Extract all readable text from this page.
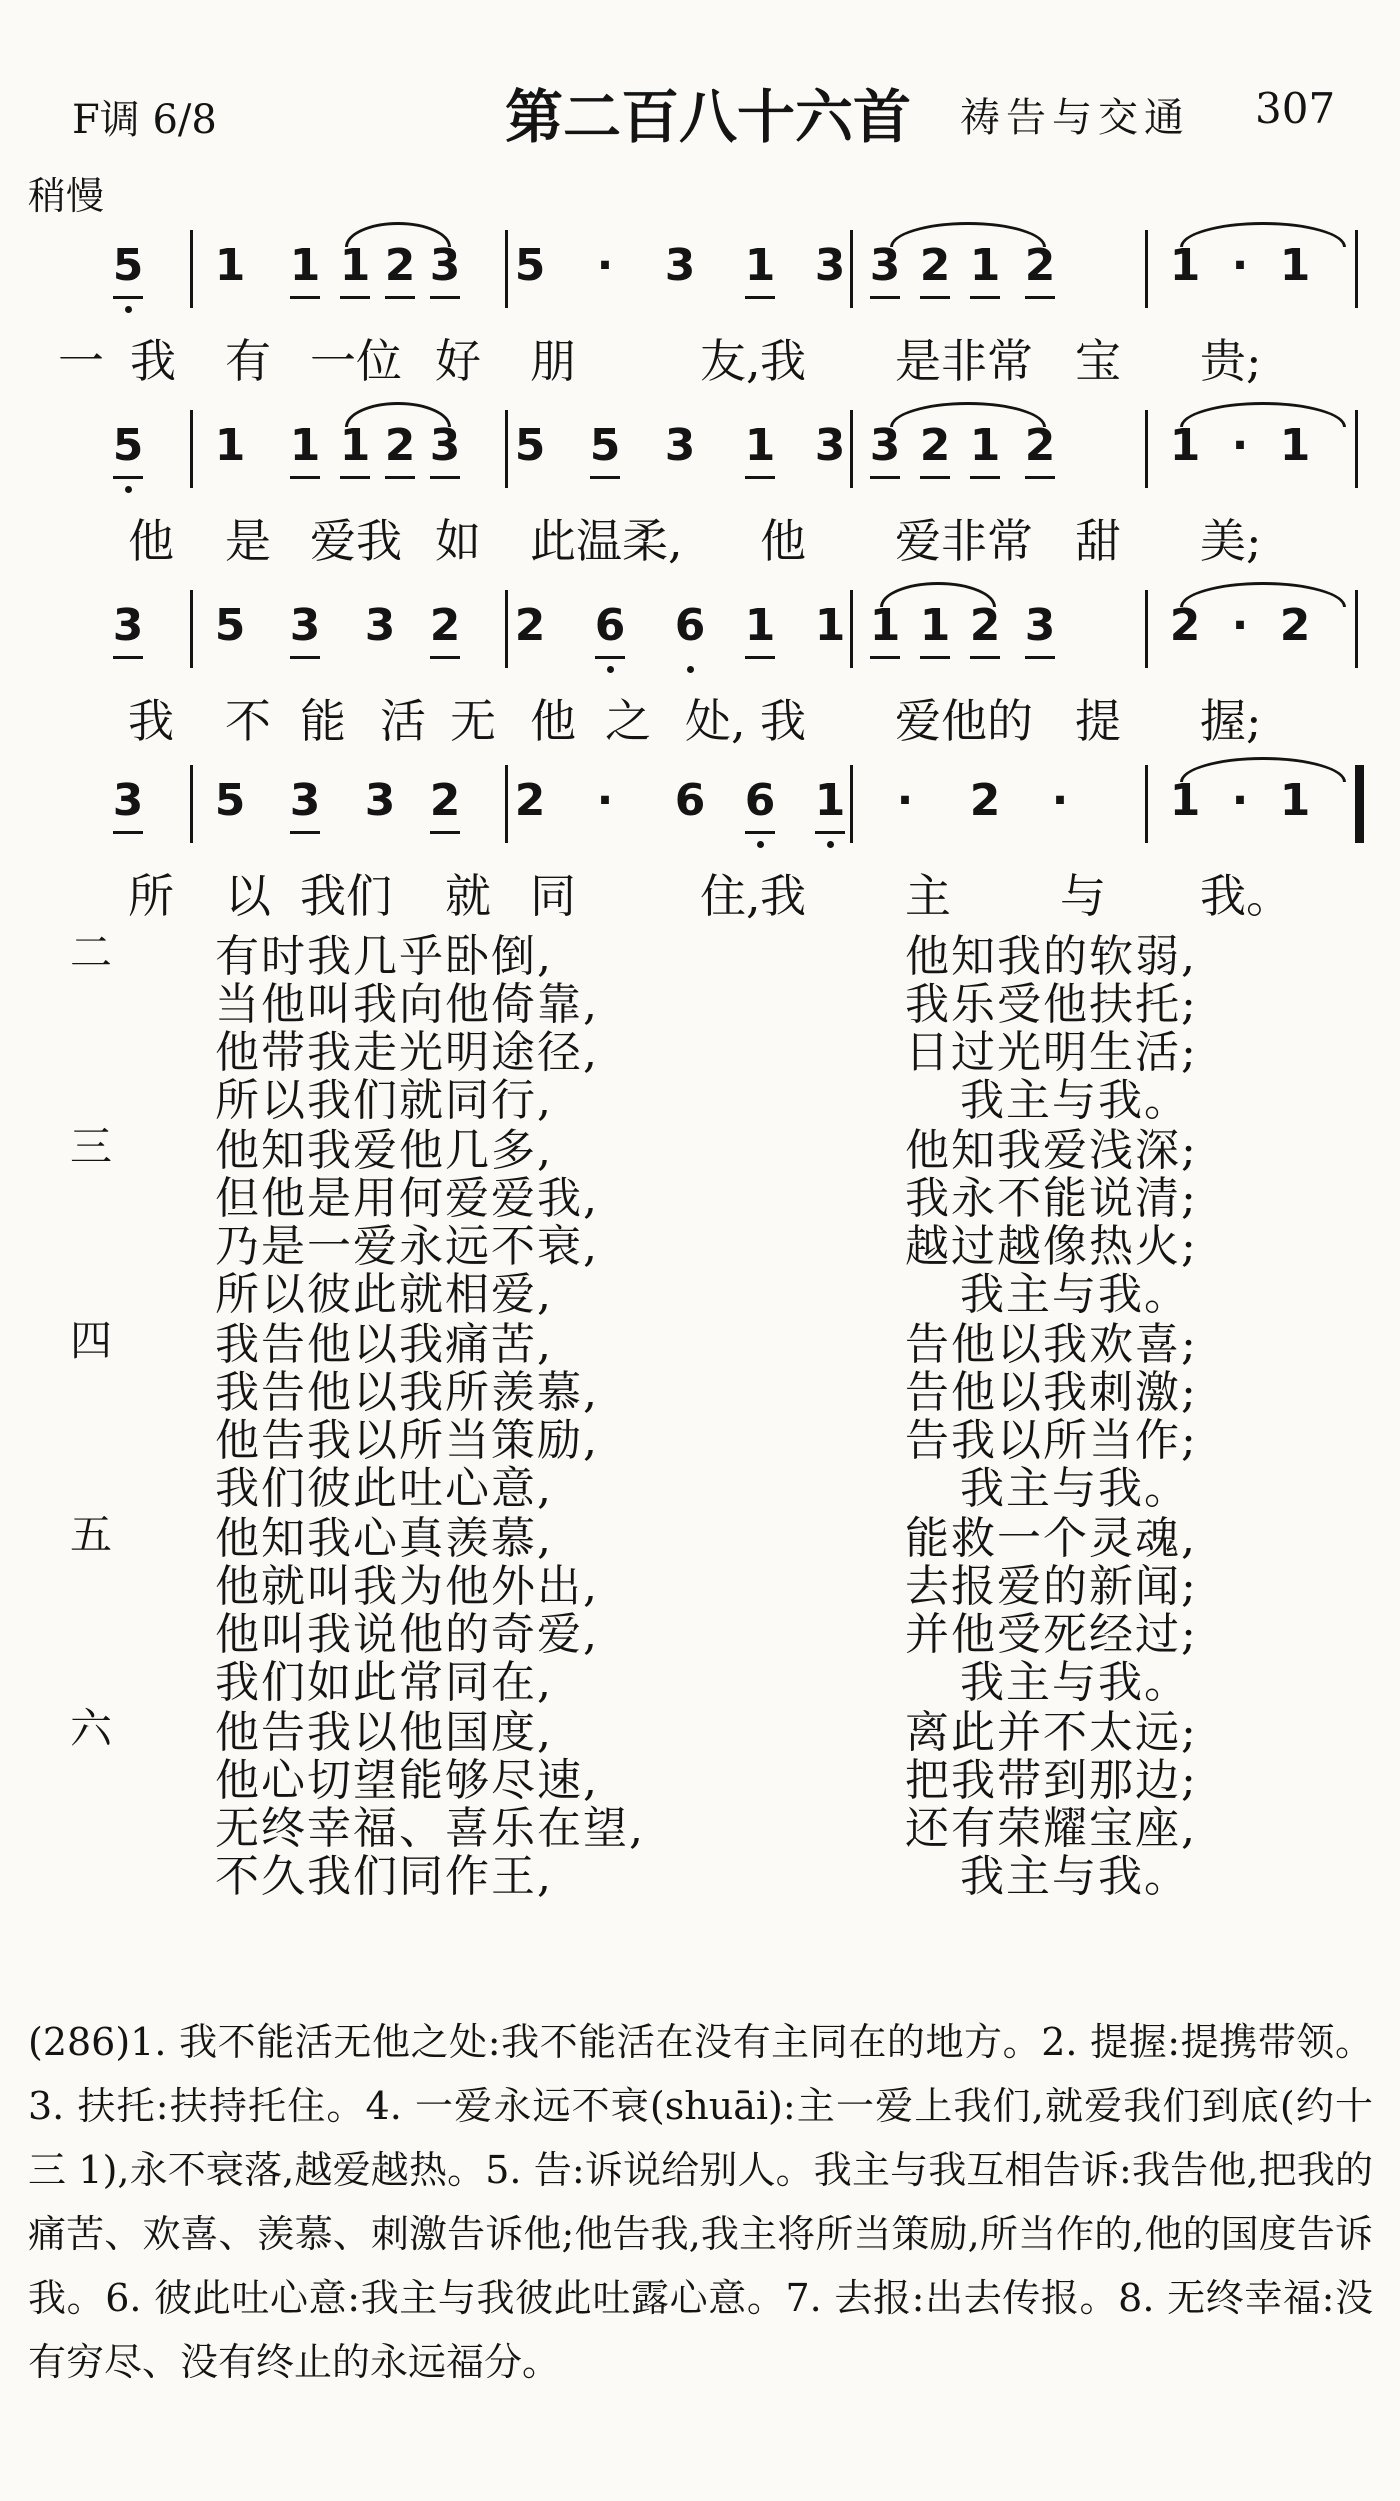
F调 6/8	第二百八十六首 祷告与交通 307
稍慢
5 1 1 1 2 3 5 · 3 1 3 3 2 1 2	1 · 1
一 我 有 一位 好 朋	友, 我 是非常 宝 贵;
5 1 1 1 2 3 5 5 3 1 3 3 2 1 2	1 · 1
他 是 爱我 如 此温柔, 他 爱非常 甜 美;
3 5 3 3 2 2 6 6 1 1 1 1 2 3	2 · 2
我 不 能 活 无 他 之 处, 我 爱他的 提 握;
3 5 3 3 2 2 · 6 6 1 · 2 · 1 · 1
所 以 我们 就 同	住, 我 主 与 我。
二 有时我几乎卧倒,	他知我的软弱,
当他叫我向他倚靠,	我乐受他扶托;
他带我走光明途径,	日过光明生活;
所以我们就同行,	我主与我。
三 他知我爱他几多,	他知我爱浅深;
但他是用何爱爱我,	我永不能说清;
乃是一爱永远不衰,	越过越像热火;
所以彼此就相爱,	我主与我。
四 我告他以我痛苦,	告他以我欢喜;
我告他以我所羡慕,	告他以我刺激;
他告我以所当策励,	告我以所当作;
我们彼此吐心意,	我主与我。
五 他知我心真羡慕,	能救一个灵魂,
他就叫我为他外出,	去报爱的新闻;
他叫我说他的奇爱,	并他受死经过;
我们如此常同在,	我主与我。
六 他告我以他国度,	离此并不太远;
他心切望能够尽速,	把我带到那边;
无终幸福、喜乐在望,	还有荣耀宝座,
不久我们同作王,	我主与我。

(286)1. 我不能活无他之处:我不能活在没有主同在的地方。2. 提握:提携带领。3. 扶托:扶持托住。4. 一爱永远不衰(shuāi):主一爱上我们,就爱我们到底(约十三 1),永不衰落,越爱越热。5. 告:诉说给别人。我主与我互相告诉:我告他,把我的痛苦、欢喜、羡慕、刺激告诉他;他告我,我主将所当策励,所当作的,他的国度告诉我。6. 彼此吐心意:我主与我彼此吐露心意。7. 去报:出去传报。8. 无终幸福:没有穷尽、没有终止的永远福分。
